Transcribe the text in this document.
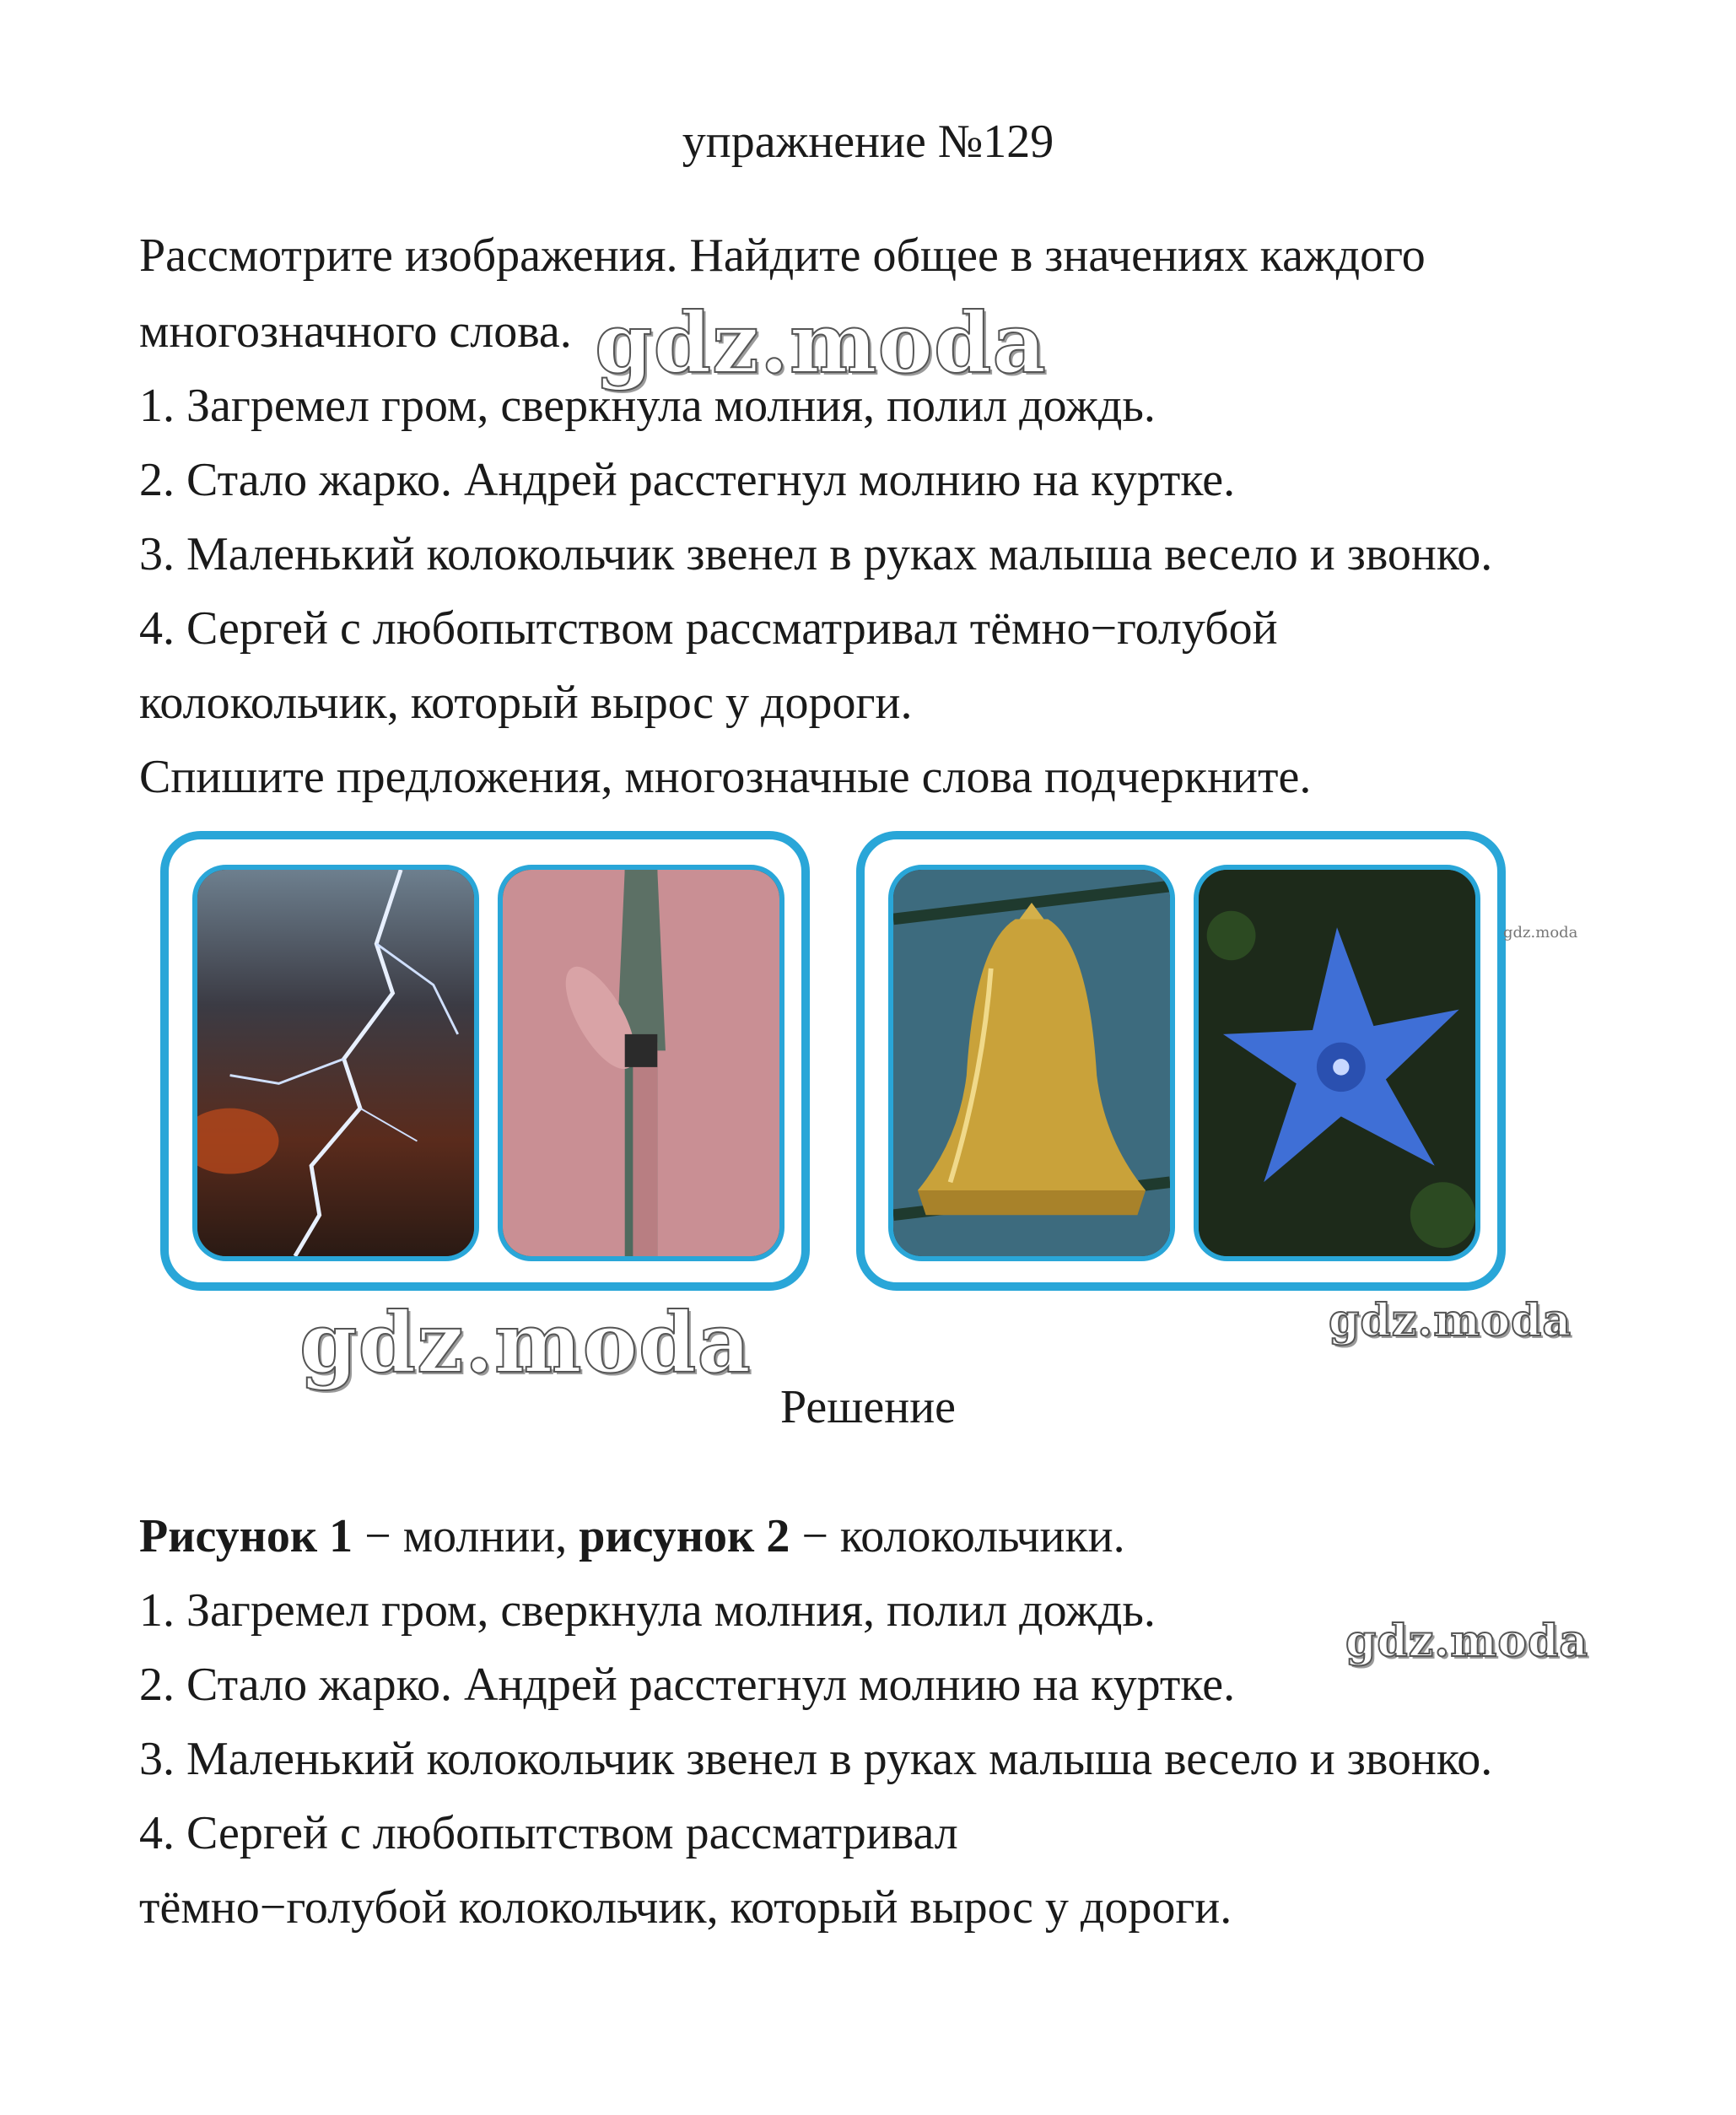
упражнение №129
Рассмотрите изображения. Найдите общее в значениях каждого
многозначного слова.
1. Загремел гром, сверкнула молния, полил дождь.
2. Стало жарко. Андрей расстегнул молнию на куртке.
3. Маленький колокольчик звенел в руках малыша весело и звонко.
4. Сергей с любопытством рассматривал тёмно−голубой
колокольчик, который вырос у дороги.
Спишите предложения, многозначные слова подчеркните.
gdz.moda
gdz.moda
gdz.moda	gdz.moda
Решение
Рисунок 1 − молнии, рисунок 2 − колокольчики.
1. Загремел гром, сверкнула молния, полил дождь.
2. Стало жарко. Андрей расстегнул молнию на куртке.
3. Маленький колокольчик звенел в руках малыша весело и звонко.
4. Сергей с любопытством рассматривал
тёмно−голубой колокольчик, который вырос у дороги.
gdz.moda
